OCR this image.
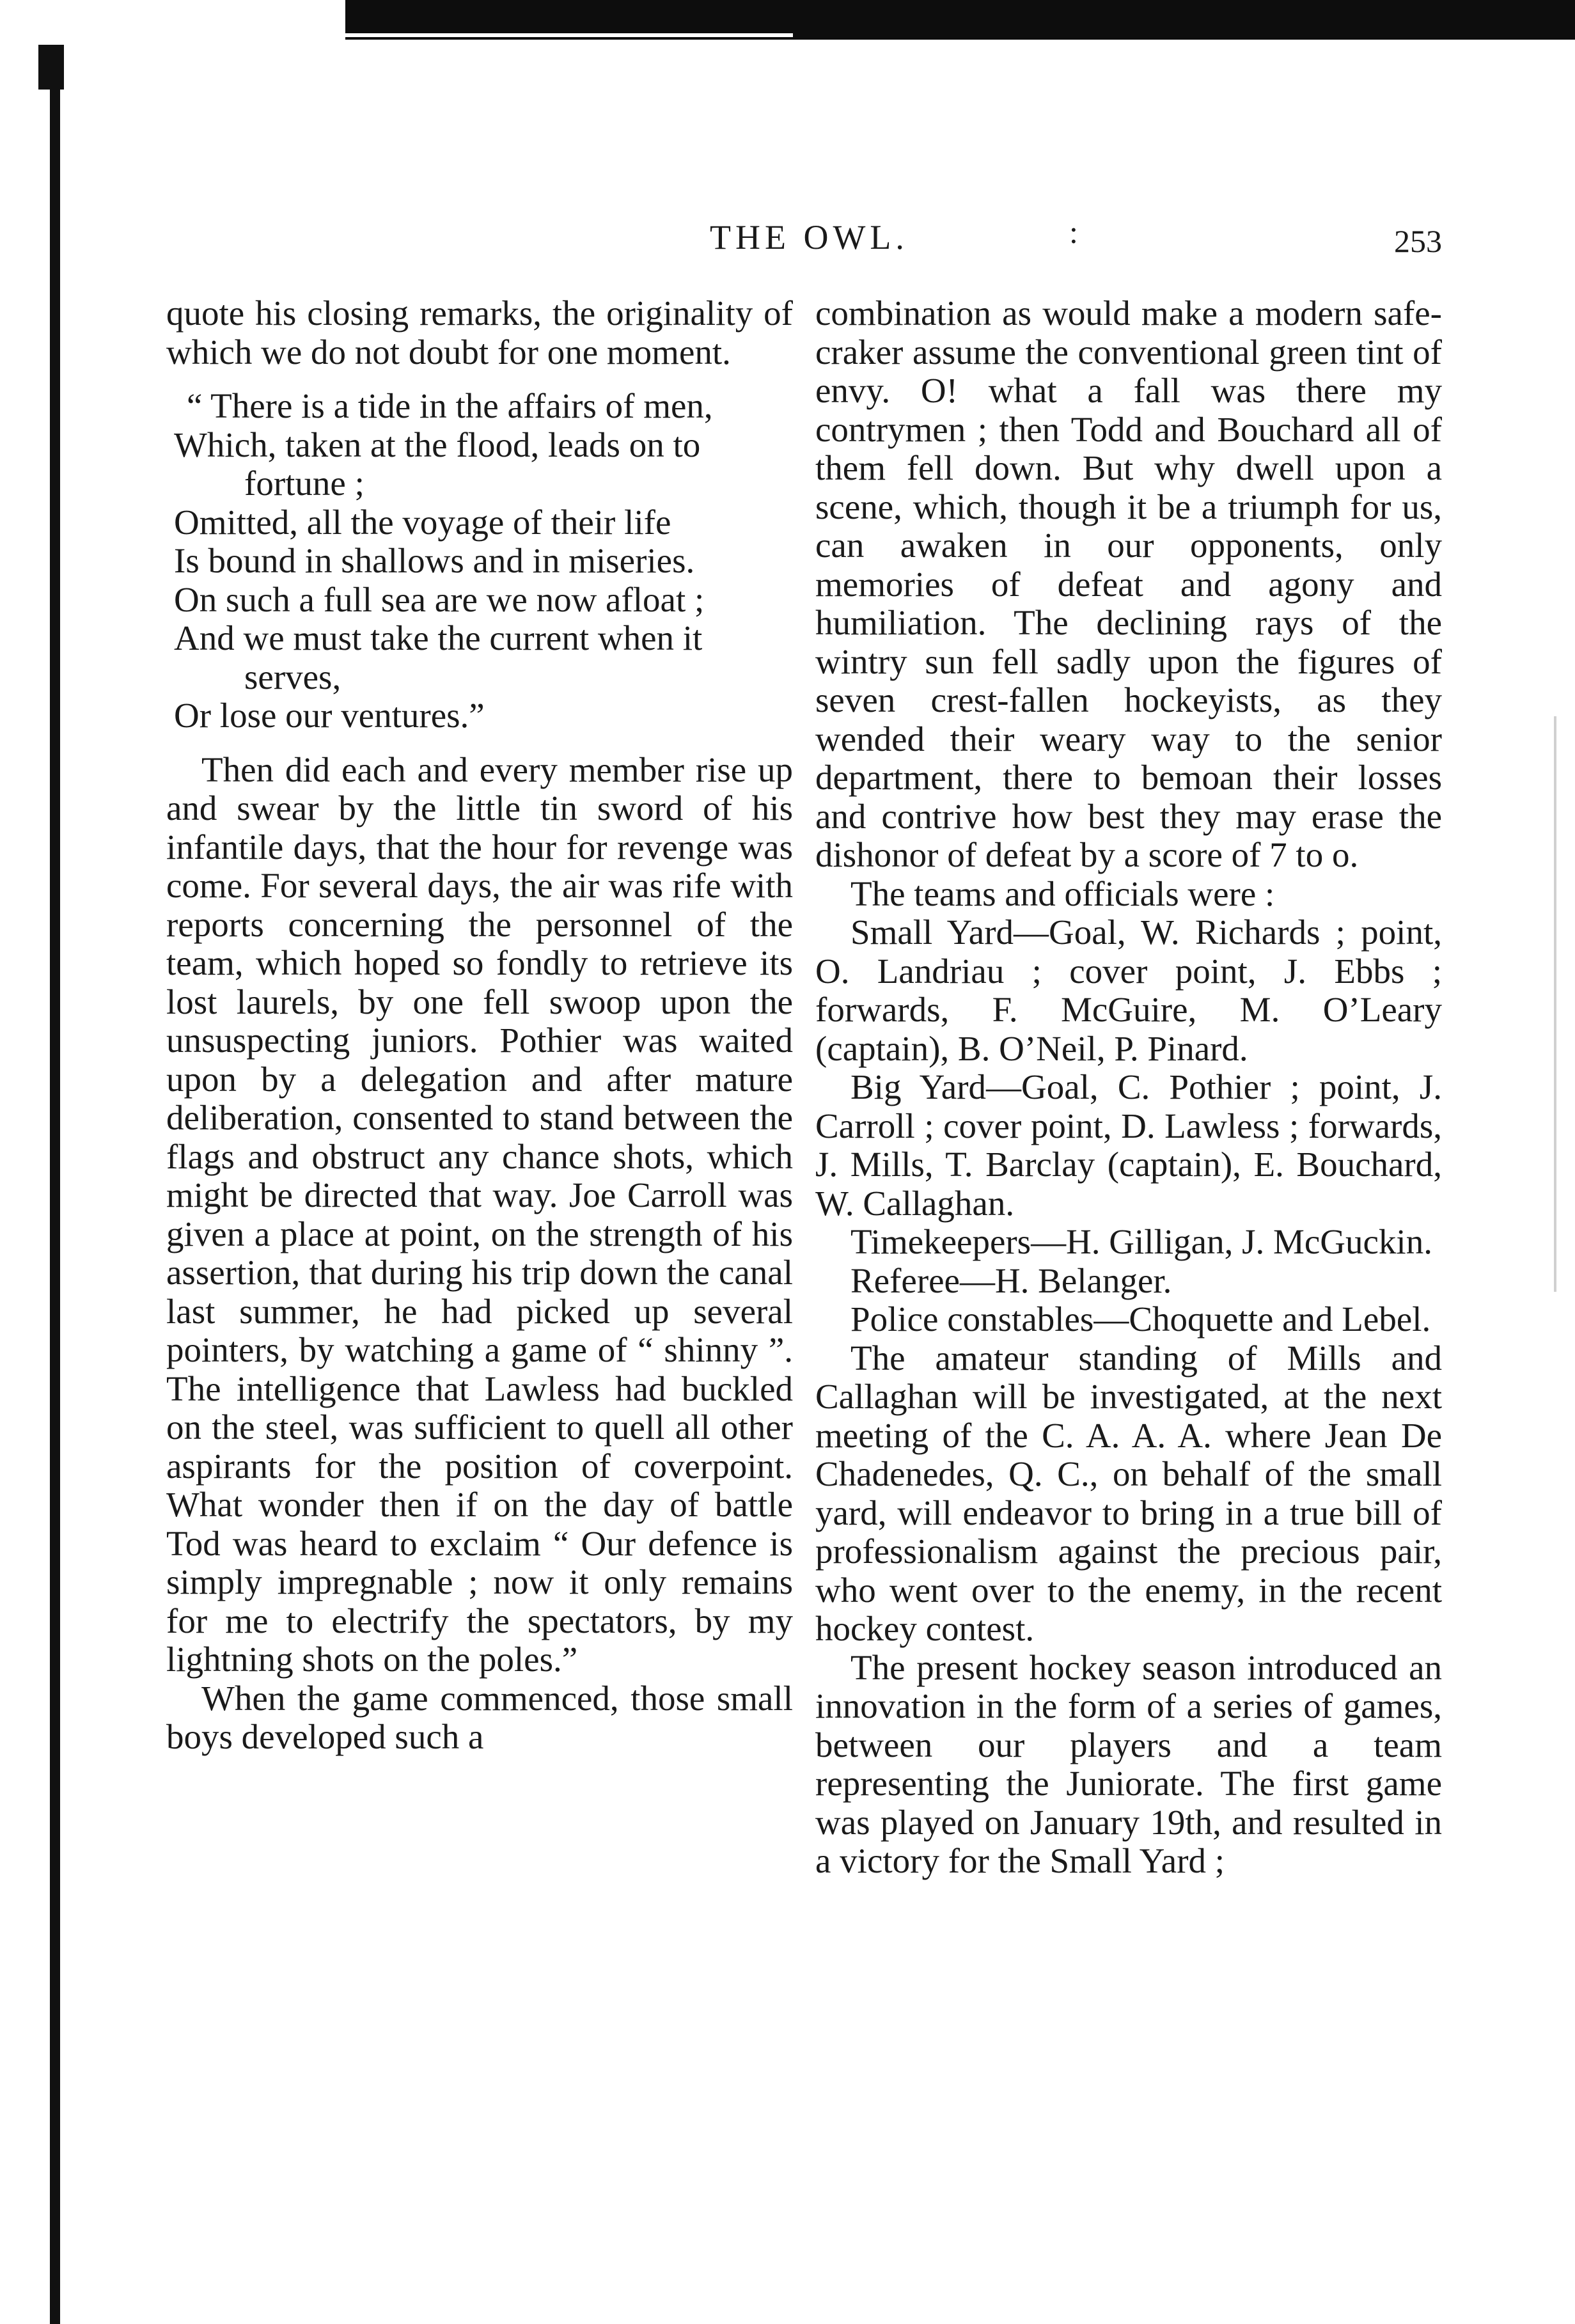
THE OWL.	:	253

quote his closing remarks, the originality of which we do not doubt for one moment.

“ There is a tide in the affairs of men,
Which, taken at the flood, leads on to fortune ;
Omitted, all the voyage of their life
Is bound in shallows and in miseries.
On such a full sea are we now afloat ;
And we must take the current when it serves,
Or lose our ventures.”

Then did each and every member rise up and swear by the little tin sword of his infantile days, that the hour for revenge was come. For several days, the air was rife with reports concerning the personnel of the team, which hoped so fondly to retrieve its lost laurels, by one fell swoop upon the unsuspecting juniors. Pothier was waited upon by a delegation and after mature deliberation, consented to stand between the flags and obstruct any chance shots, which might be directed that way. Joe Carroll was given a place at point, on the strength of his assertion, that during his trip down the canal last summer, he had picked up several pointers, by watching a game of “ shinny ”. The intelligence that Lawless had buckled on the steel, was sufficient to quell all other aspirants for the position of coverpoint. What wonder then if on the day of battle Tod was heard to exclaim “ Our defence is simply impregnable ; now it only remains for me to electrify the spectators, by my lightning shots on the poles.”

When the game commenced, those small boys developed such a

combination as would make a modern safe-craker assume the conventional green tint of envy. O! what a fall was there my contrymen ; then Todd and Bouchard all of them fell down. But why dwell upon a scene, which, though it be a triumph for us, can awaken in our opponents, only memories of defeat and agony and humiliation. The declining rays of the wintry sun fell sadly upon the figures of seven crest-fallen hockeyists, as they wended their weary way to the senior department, there to bemoan their losses and contrive how best they may erase the dishonor of defeat by a score of 7 to o.

The teams and officials were :

Small Yard—Goal, W. Richards ; point, O. Landriau ; cover point, J. Ebbs ; forwards, F. McGuire, M. O’Leary (captain), B. O’Neil, P. Pinard.

Big Yard—Goal, C. Pothier ; point, J. Carroll ; cover point, D. Lawless ; forwards, J. Mills, T. Barclay (captain), E. Bouchard, W. Callaghan.

Timekeepers—H. Gilligan, J. McGuckin.

Referee—H. Belanger.

Police constables—Choquette and Lebel.

The amateur standing of Mills and Callaghan will be investigated, at the next meeting of the C. A. A. A. where Jean De Chadenedes, Q. C., on behalf of the small yard, will endeavor to bring in a true bill of professionalism against the precious pair, who went over to the enemy, in the recent hockey contest.

The present hockey season introduced an innovation in the form of a series of games, between our players and a team representing the Juniorate. The first game was played on January 19th, and resulted in a victory for the Small Yard ;
